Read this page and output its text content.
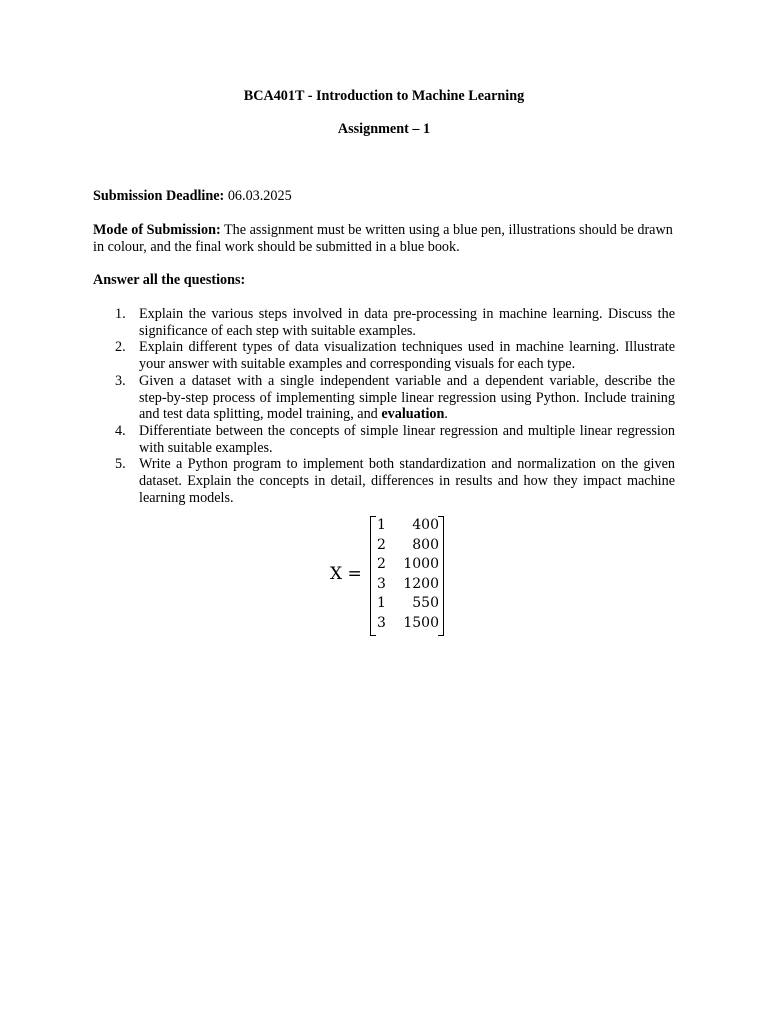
BCA401T - Introduction to Machine Learning
Assignment – 1
Submission Deadline: 06.03.2025
Mode of Submission: The assignment must be written using a blue pen, illustrations should be drawn in colour, and the final work should be submitted in a blue book.
Answer all the questions:
1. Explain the various steps involved in data pre-processing in machine learning. Discuss the significance of each step with suitable examples.
2. Explain different types of data visualization techniques used in machine learning. Illustrate your answer with suitable examples and corresponding visuals for each type.
3. Given a dataset with a single independent variable and a dependent variable, describe the step-by-step process of implementing simple linear regression using Python. Include training and test data splitting, model training, and evaluation.
4. Differentiate between the concepts of simple linear regression and multiple linear regression with suitable examples.
5. Write a Python program to implement both standardization and normalization on the given dataset. Explain the concepts in detail, differences in results and how they impact machine learning models.
X =
1	400
2	800
2	1000
3	1200
1	550
3	1500
